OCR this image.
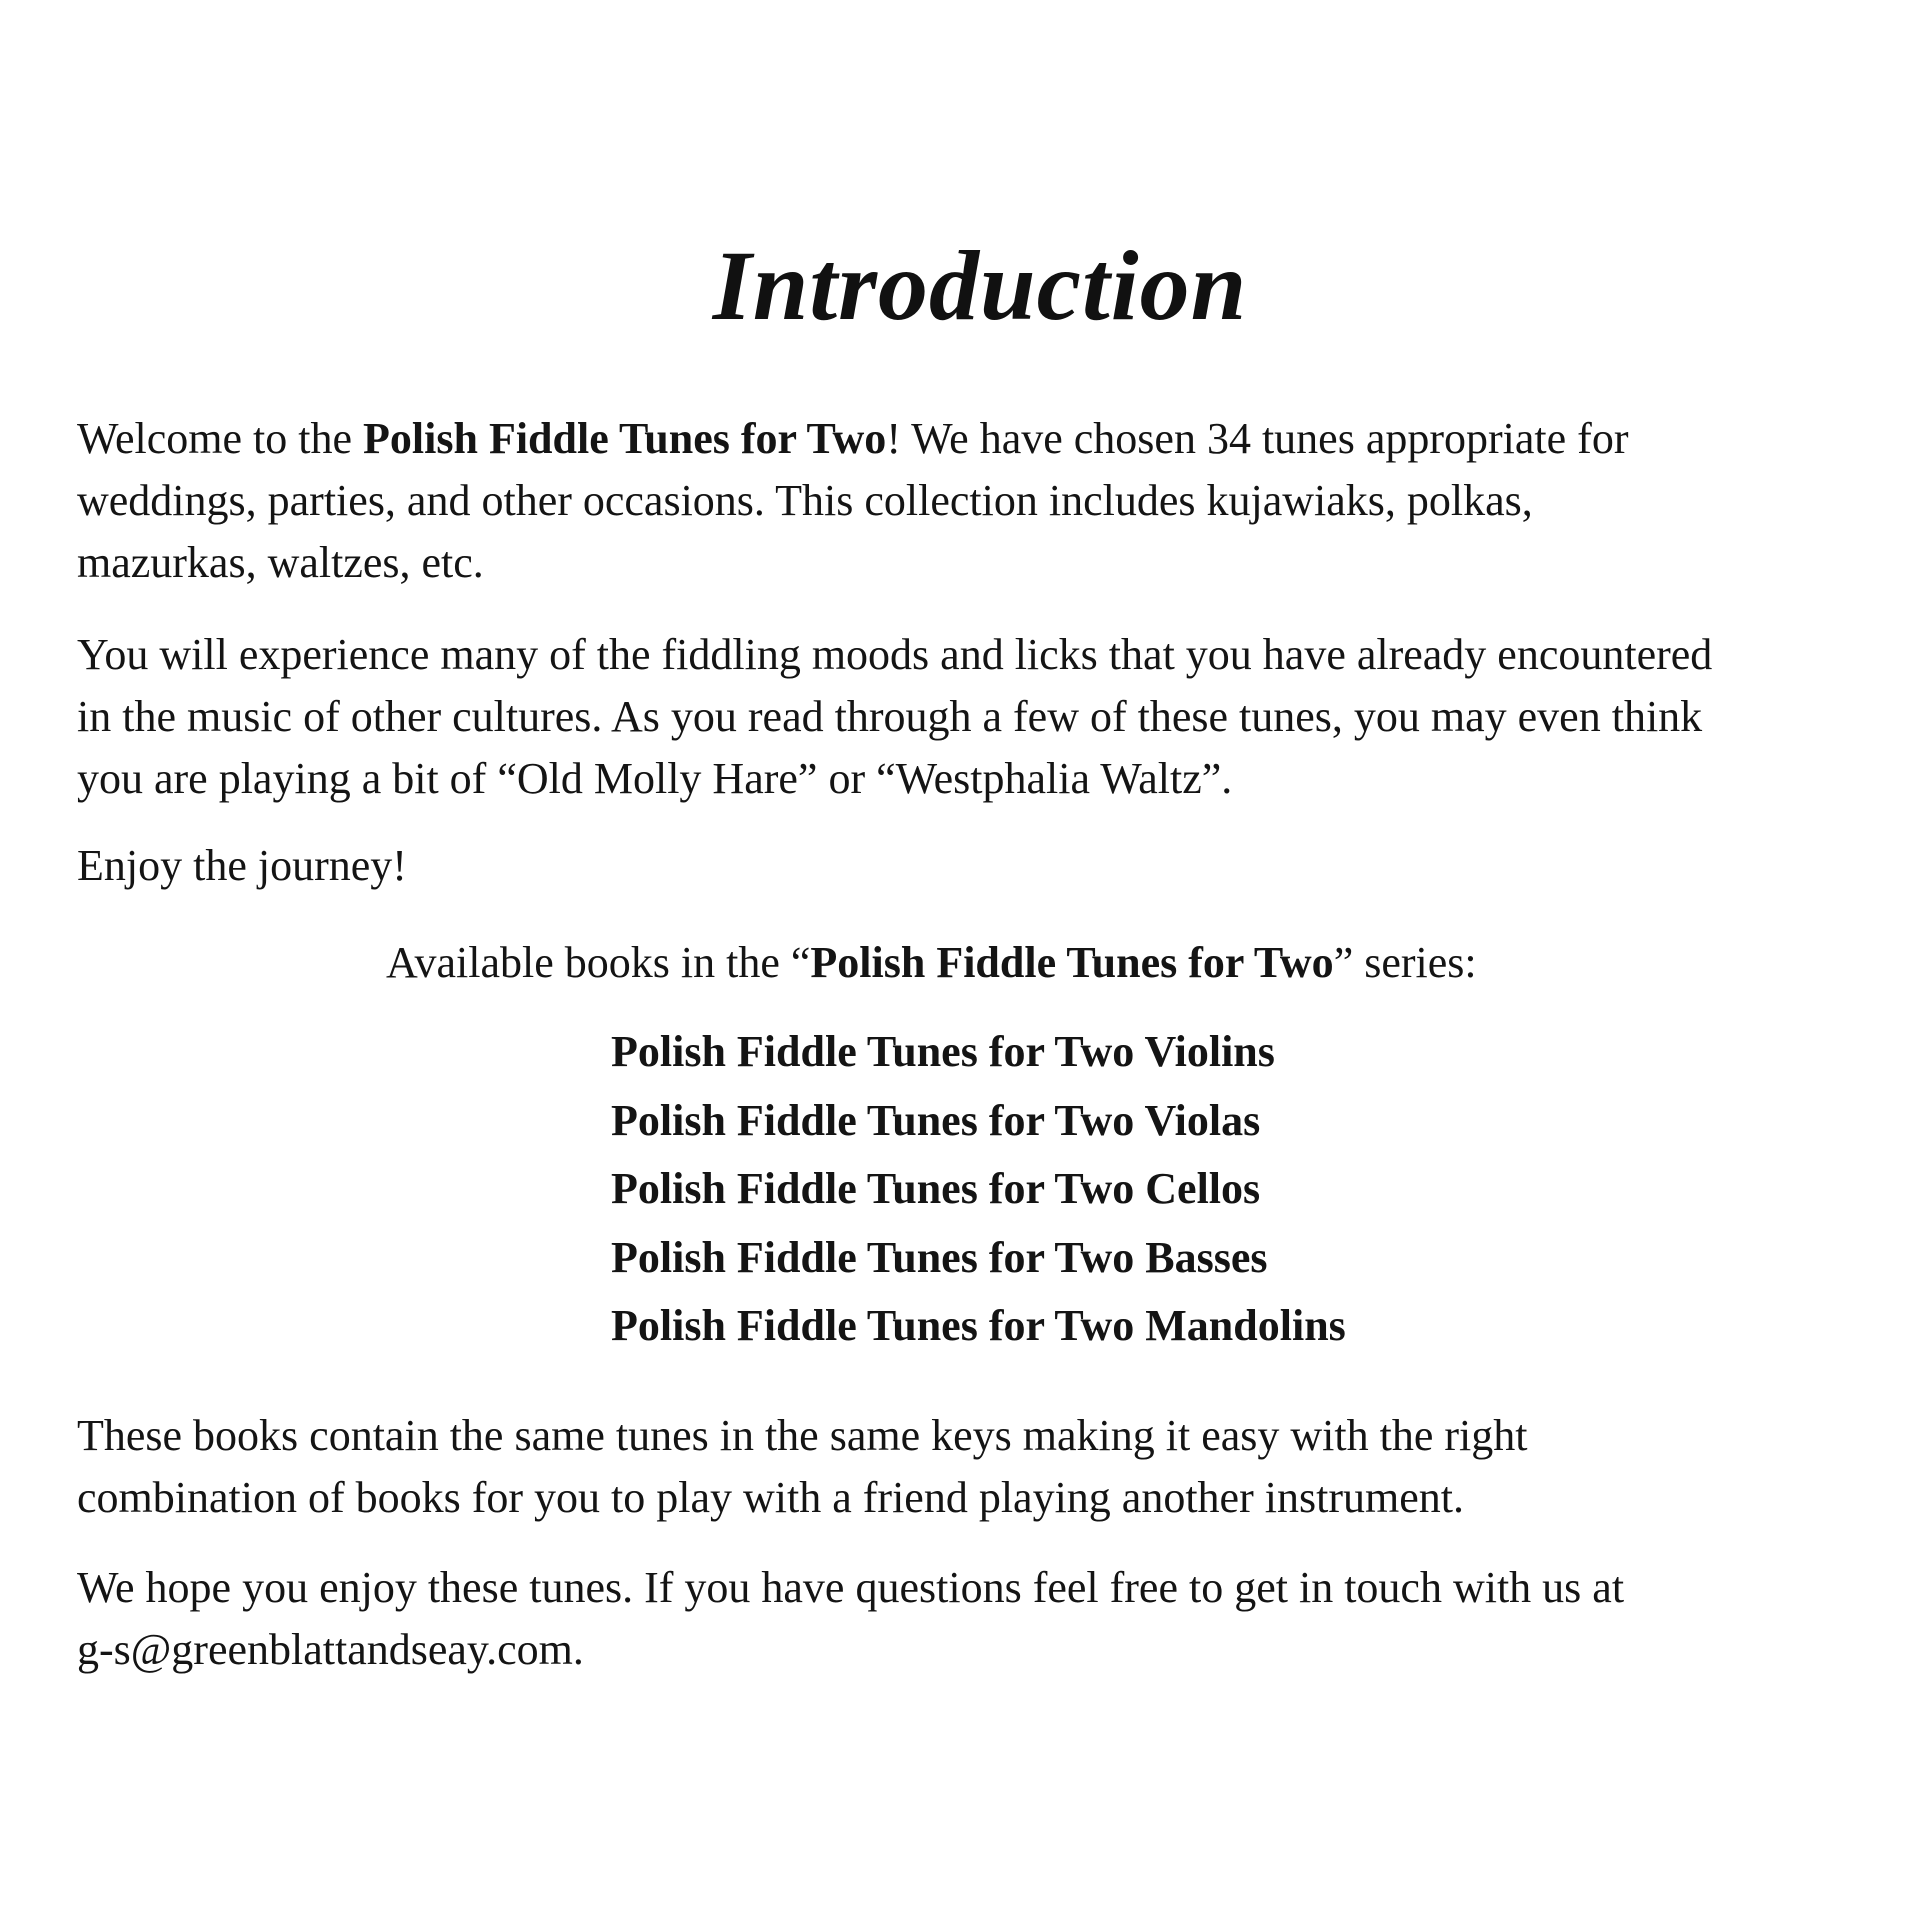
Introduction

Welcome to the Polish Fiddle Tunes for Two! We have chosen 34 tunes appropriate for
weddings, parties, and other occasions. This collection includes kujawiaks, polkas,
mazurkas, waltzes, etc.

You will experience many of the fiddling moods and licks that you have already encountered
in the music of other cultures. As you read through a few of these tunes, you may even think
you are playing a bit of “Old Molly Hare” or “Westphalia Waltz”.

Enjoy the journey!

Available books in the “Polish Fiddle Tunes for Two” series:

Polish Fiddle Tunes for Two Violins
Polish Fiddle Tunes for Two Violas
Polish Fiddle Tunes for Two Cellos
Polish Fiddle Tunes for Two Basses
Polish Fiddle Tunes for Two Mandolins

These books contain the same tunes in the same keys making it easy with the right
combination of books for you to play with a friend playing another instrument.

We hope you enjoy these tunes. If you have questions feel free to get in touch with us at
g-s@greenblattandseay.com.
